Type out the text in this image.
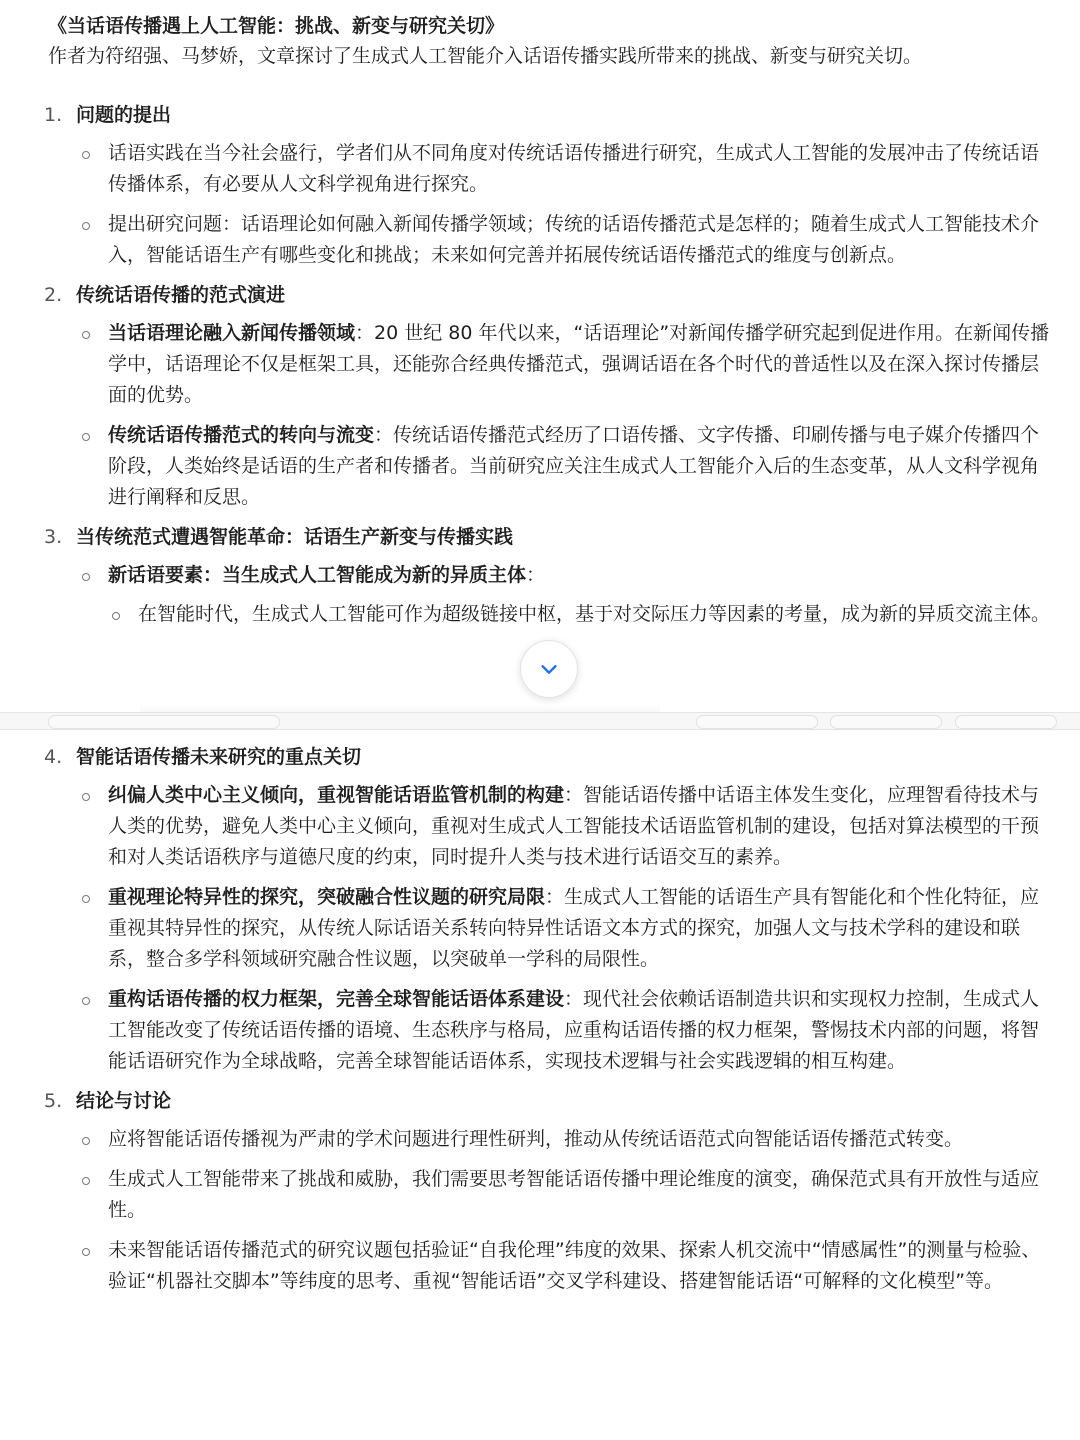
《当话语传播遇上人工智能：挑战、新变与研究关切》

作者为符绍强、马梦娇，文章探讨了生成式人工智能介入话语传播实践所带来的挑战、新变与研究关切。

1. 问题的提出
话语实践在当今社会盛行，学者们从不同角度对传统话语传播进行研究，生成式人工智能的发展冲击了传统话语传播体系，有必要从人文科学视角进行探究。
提出研究问题：话语理论如何融入新闻传播学领域；传统的话语传播范式是怎样的；随着生成式人工智能技术介入，智能话语生产有哪些变化和挑战；未来如何完善并拓展传统话语传播范式的维度与创新点。
2. 传统话语传播的范式演进
当话语理论融入新闻传播领域：20 世纪 80 年代以来，“话语理论”对新闻传播学研究起到促进作用。在新闻传播学中，话语理论不仅是框架工具，还能弥合经典传播范式，强调话语在各个时代的普适性以及在深入探讨传播层面的优势。
传统话语传播范式的转向与流变：传统话语传播范式经历了口语传播、文字传播、印刷传播与电子媒介传播四个阶段，人类始终是话语的生产者和传播者。当前研究应关注生成式人工智能介入后的生态变革，从人文科学视角进行阐释和反思。
3. 当传统范式遭遇智能革命：话语生产新变与传播实践
新话语要素：当生成式人工智能成为新的异质主体：
在智能时代，生成式人工智能可作为超级链接中枢，基于对交际压力等因素的考量，成为新的异质交流主体。
4. 智能话语传播未来研究的重点关切
纠偏人类中心主义倾向，重视智能话语监管机制的构建：智能话语传播中话语主体发生变化，应理智看待技术与人类的优势，避免人类中心主义倾向，重视对生成式人工智能技术话语监管机制的建设，包括对算法模型的干预和对人类话语秩序与道德尺度的约束，同时提升人类与技术进行话语交互的素养。
重视理论特异性的探究，突破融合性议题的研究局限：生成式人工智能的话语生产具有智能化和个性化特征，应重视其特异性的探究，从传统人际话语关系转向特异性话语文本方式的探究，加强人文与技术学科的建设和联系，整合多学科领域研究融合性议题，以突破单一学科的局限性。
重构话语传播的权力框架，完善全球智能话语体系建设：现代社会依赖话语制造共识和实现权力控制，生成式人工智能改变了传统话语传播的语境、生态秩序与格局，应重构话语传播的权力框架，警惕技术内部的问题，将智能话语研究作为全球战略，完善全球智能话语体系，实现技术逻辑与社会实践逻辑的相互构建。
5. 结论与讨论
应将智能话语传播视为严肃的学术问题进行理性研判，推动从传统话语范式向智能话语传播范式转变。
生成式人工智能带来了挑战和威胁，我们需要思考智能话语传播中理论维度的演变，确保范式具有开放性与适应性。
未来智能话语传播范式的研究议题包括验证“自我伦理”纬度的效果、探索人机交流中“情感属性”的测量与检验、验证“机器社交脚本”等纬度的思考、重视“智能话语”交叉学科建设、搭建智能话语“可解释的文化模型”等。
